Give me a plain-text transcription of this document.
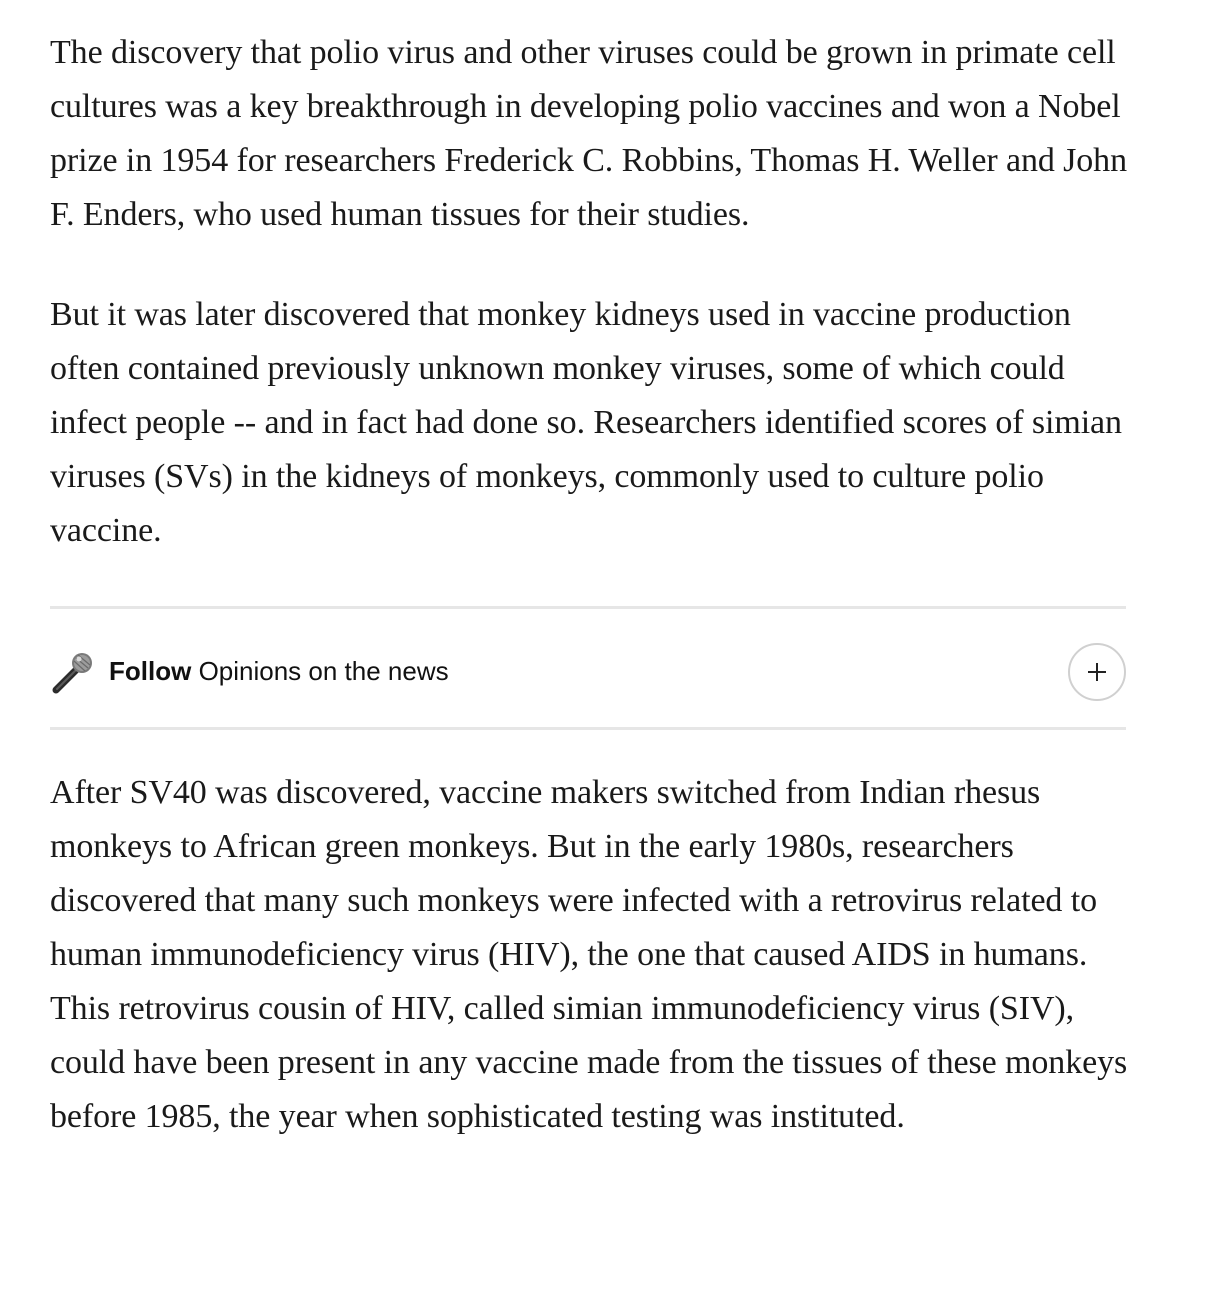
The discovery that polio virus and other viruses could be grown in primate cell cultures was a key breakthrough in developing polio vaccines and won a Nobel prize in 1954 for researchers Frederick C. Robbins, Thomas H. Weller and John F. Enders, who used human tissues for their studies.

But it was later discovered that monkey kidneys used in vaccine production often contained previously unknown monkey viruses, some of which could infect people -- and in fact had done so. Researchers identified scores of simian viruses (SVs) in the kidneys of monkeys, commonly used to culture polio vaccine.

Follow Opinions on the news

After SV40 was discovered, vaccine makers switched from Indian rhesus monkeys to African green monkeys. But in the early 1980s, researchers discovered that many such monkeys were infected with a retrovirus related to human immunodeficiency virus (HIV), the one that caused AIDS in humans. This retrovirus cousin of HIV, called simian immunodeficiency virus (SIV), could have been present in any vaccine made from the tissues of these monkeys before 1985, the year when sophisticated testing was instituted.
